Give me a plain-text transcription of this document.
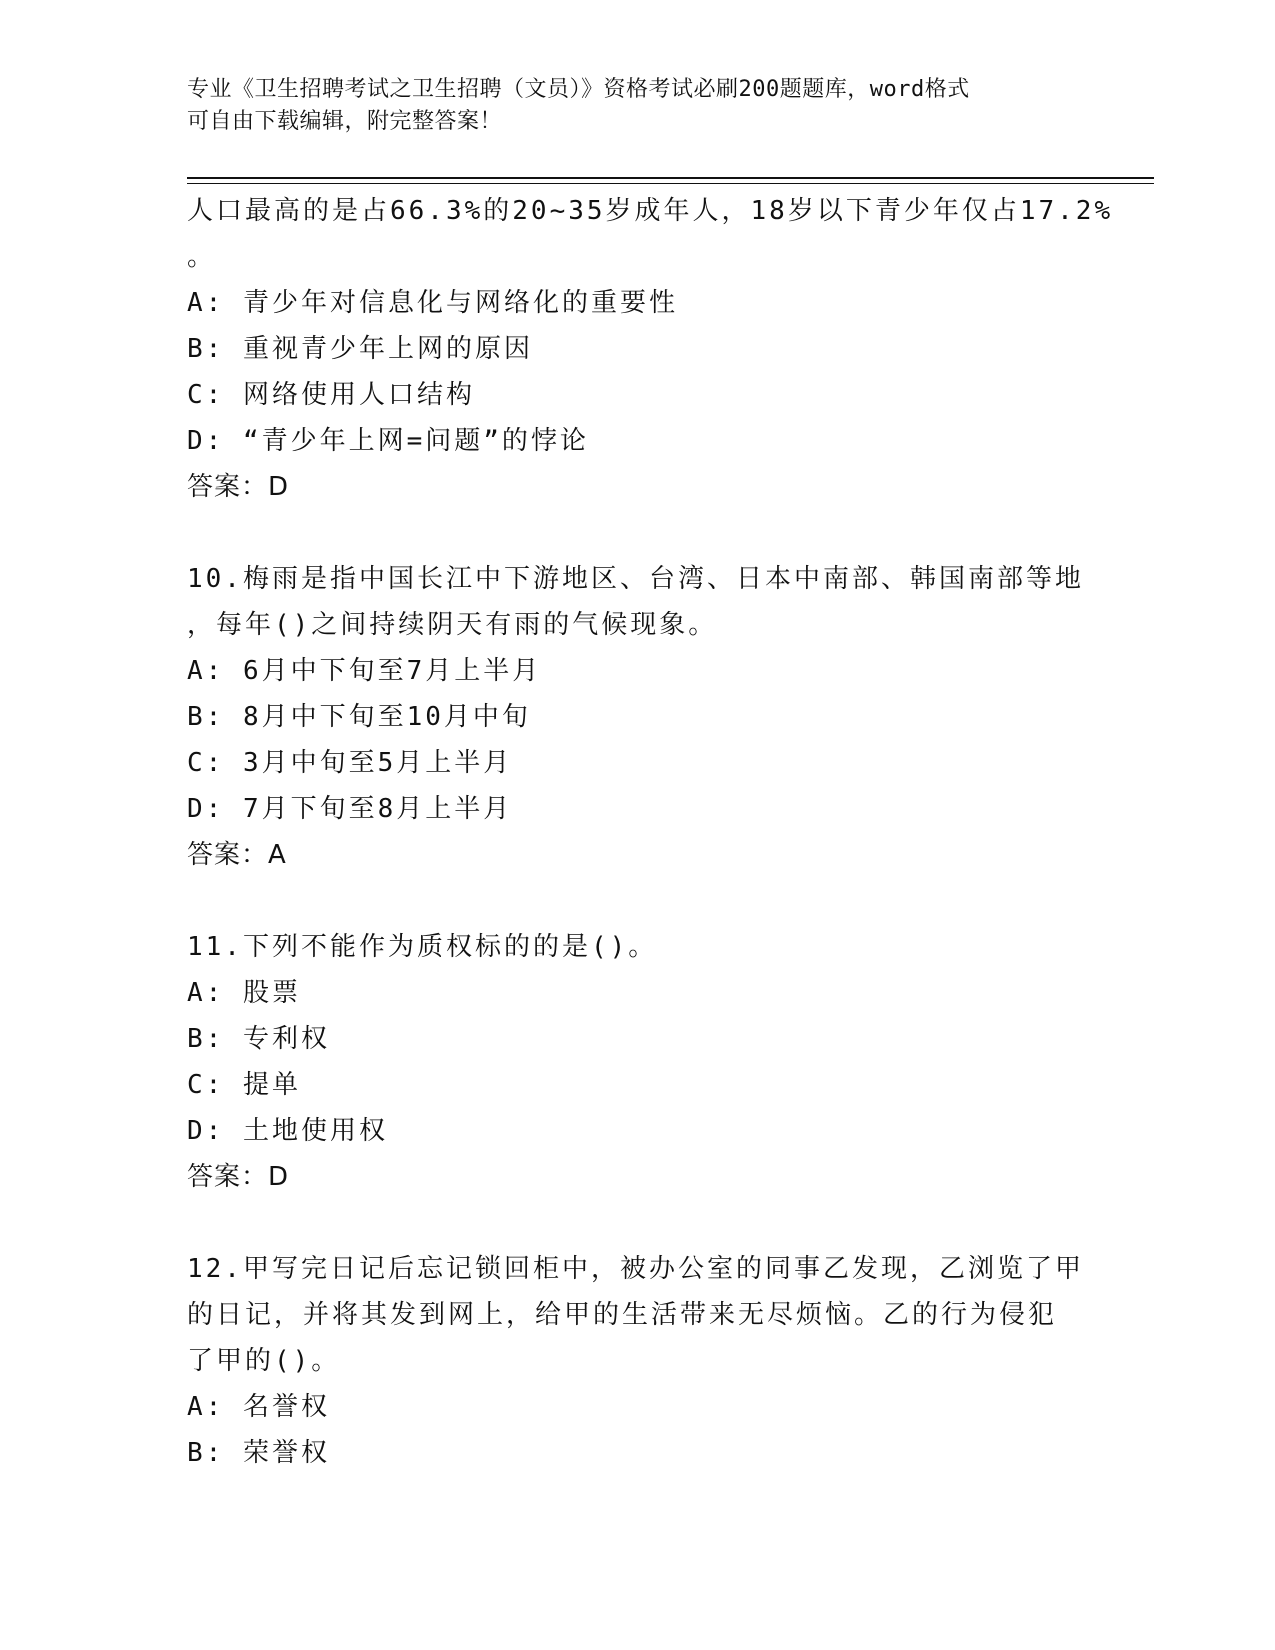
专业《卫生招聘考试之卫生招聘（文员）》资格考试必刷200题题库，word格式
可自由下载编辑，附完整答案！
人口最高的是占66.3%的20~35岁成年人，18岁以下青少年仅占17.2%
。
A: 青少年对信息化与网络化的重要性
B: 重视青少年上网的原因
C: 网络使用人口结构
D: “青少年上网=问题”的悖论
答案：D
10.梅雨是指中国长江中下游地区、台湾、日本中南部、韩国南部等地
，每年()之间持续阴天有雨的气候现象。
A: 6月中下旬至7月上半月
B: 8月中下旬至10月中旬
C: 3月中旬至5月上半月
D: 7月下旬至8月上半月
答案：A
11.下列不能作为质权标的的是()。
A: 股票
B: 专利权
C: 提单
D: 土地使用权
答案：D
12.甲写完日记后忘记锁回柜中，被办公室的同事乙发现，乙浏览了甲
的日记，并将其发到网上，给甲的生活带来无尽烦恼。乙的行为侵犯
了甲的()。
A: 名誉权
B: 荣誉权
